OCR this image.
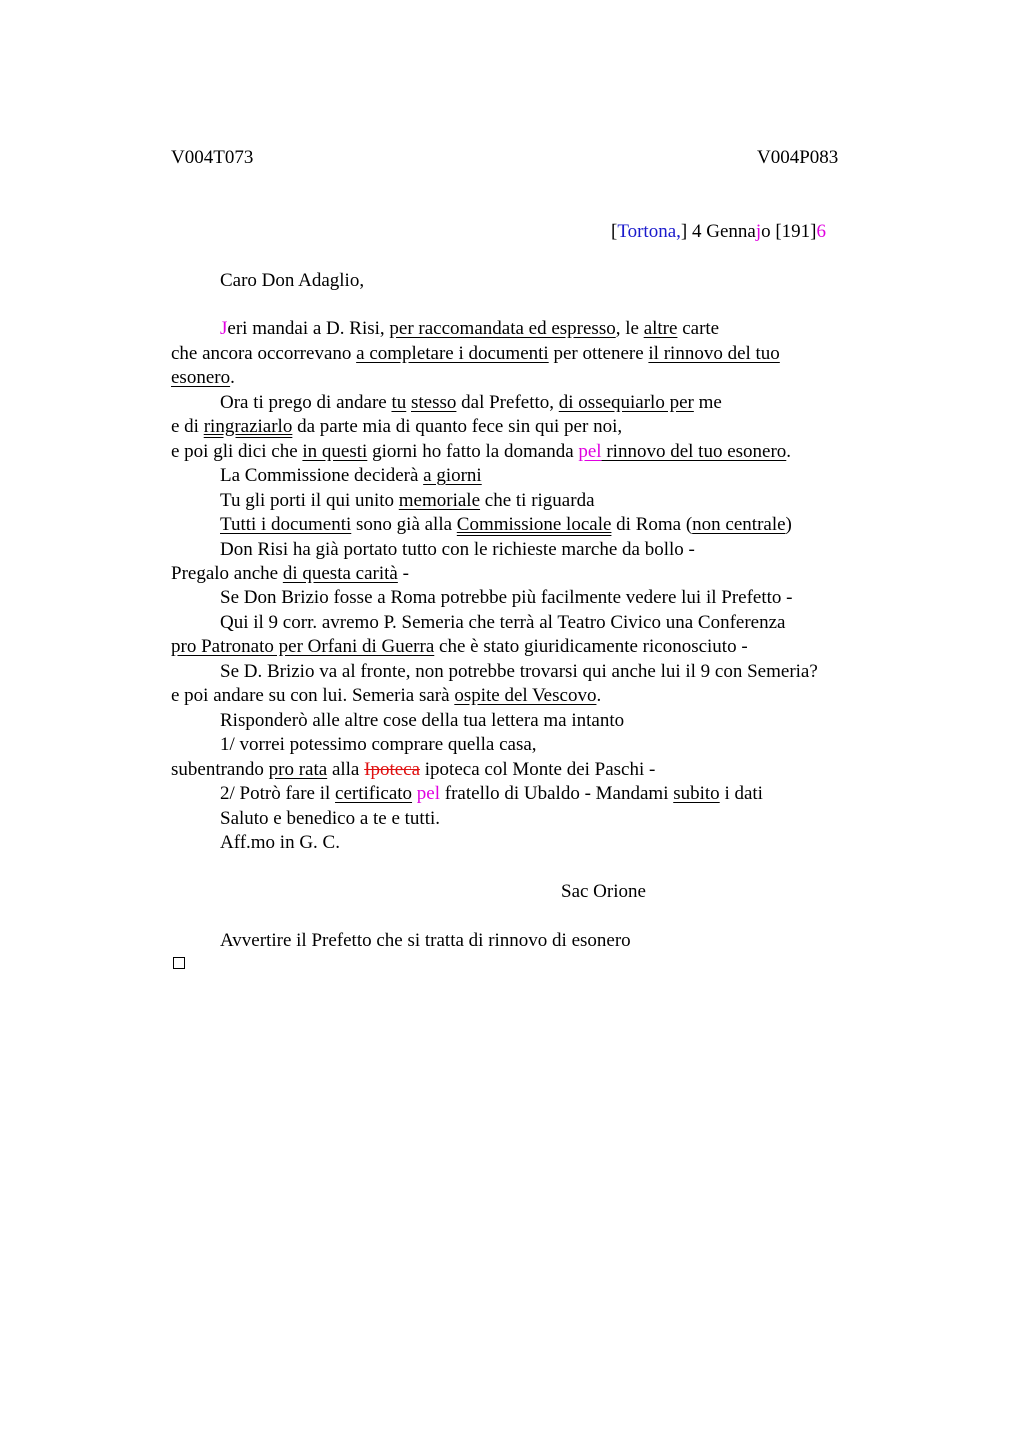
V004T073	V004P083
[Tortona,] 4 Gennajo [191]6
Caro Don Adaglio,
Jeri mandai a D. Risi, per raccomandata ed espresso, le altre carte
che ancora occorrevano a completare i documenti per ottenere il rinnovo del tuo
esonero.
Ora ti prego di andare tu stesso dal Prefetto, di ossequiarlo per me
e di ringraziarlo da parte mia di quanto fece sin qui per noi,
e poi gli dici che in questi giorni ho fatto la domanda pel rinnovo del tuo esonero.
La Commissione deciderà a giorni
Tu gli porti il qui unito memoriale che ti riguarda
Tutti i documenti sono già alla Commissione locale di Roma (non centrale)
Don Risi ha già portato tutto con le richieste marche da bollo -
Pregalo anche di questa carità -
Se Don Brizio fosse a Roma potrebbe più facilmente vedere lui il Prefetto -
Qui il 9 corr. avremo P. Semeria che terrà al Teatro Civico una Conferenza
pro Patronato per Orfani di Guerra che è stato giuridicamente riconosciuto -
Se D. Brizio va al fronte, non potrebbe trovarsi qui anche lui il 9 con Semeria?
e poi andare su con lui. Semeria sarà ospite del Vescovo.
Risponderò alle altre cose della tua lettera ma intanto
1/ vorrei potessimo comprare quella casa,
subentrando pro rata alla Ipoteca ipoteca col Monte dei Paschi -
2/ Potrò fare il certificato pel fratello di Ubaldo - Mandami subito i dati
Saluto e benedico a te e tutti.
Aff.mo in G. C.
Sac Orione
Avvertire il Prefetto che si tratta di rinnovo di esonero
